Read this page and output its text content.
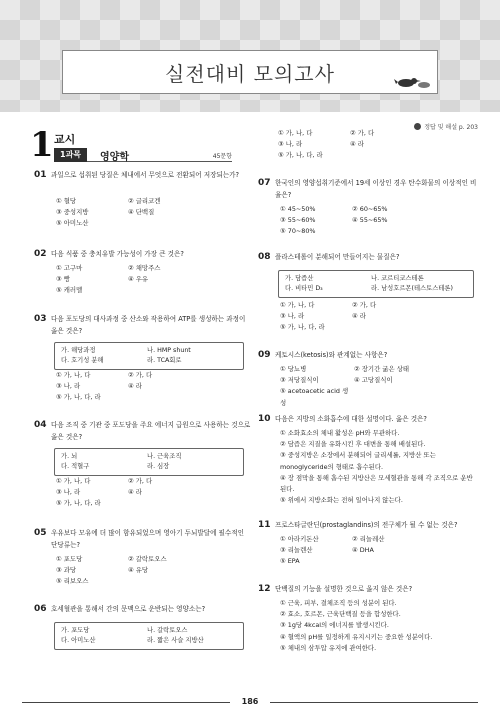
실전대비 모의고사
정답 및 해설 p. 203
1 교시
1과목	영양학	45문항
01 과일으로 섭취된 당질은 체내에서 무엇으로 전환되어 저장되는가?
① 혈당	② 글리코겐
③ 중성지방	④ 단백질
⑤ 아미노산
02 다음 식품 중 충치유발 가능성이 가장 큰 것은?
① 고구마	② 채망주스
③ 빵	④ 우유
⑤ 캐러멜
03 다음 포도당의 대사과정 중 산소와 작용하여 ATP를 생성하는 과정이 옳은 것은?
가. 해당과정	나. HMP shunt
다. 호기성 분해	라. TCA회로
① 가, 나, 다	② 가, 다
③ 나, 라	④ 라
⑤ 가, 나, 다, 라
04 다음 조직 중 기관 중 포도당을 주요 에너지 급원으로 사용하는 것으로 옳은 것은?
가. 뇌	나. 근육조직
다. 적혈구	라. 심장
① 가, 나, 다	② 가, 다
③ 나, 라	④ 라
⑤ 가, 나, 다, 라
05 우유보다 모유에 더 많이 함유되었으며 영아기 두뇌발달에 필수적인 단당류는?
① 포도당	② 갈락토오스
③ 과당	④ 유당
⑤ 리보오스
06 호세혈관을 통해서 간의 문맥으로 운반되는 영양소는?
가. 포도당	나. 갈락토오스
다. 아미노산	라. 짧은 사슬 지방산
① 가, 나, 다	② 가, 다
③ 나, 라	④ 라
⑤ 가, 나, 다, 라
07 한국인의 영양섭취기준에서 19세 이상인 경우 탄수화물의 이상적인 비율은?
① 45~50%	② 60~65%
③ 55~60%	④ 55~65%
⑤ 70~80%
08 플라스테롤이 분해되어 만들어지는 물질은?
가. 담즙산	나. 코르티코스테론
다. 비타민 D₃	라. 남성호르몬(테스토스테론)
① 가, 나, 다	② 가, 다
③ 나, 라	④ 라
⑤ 가, 나, 다, 라
09 케토시스(ketosis)와 관계없는 사항은?
① 당뇨병	② 장기간 굶은 상태
③ 저당질식이	④ 고당질식이
⑤ acetoacetic acid 생성
10 다음은 지방의 소화흡수에 대한 설명이다. 옳은 것은?
① 소화효소의 체내 활성은 pH와 무관하다.
② 담즙은 지질을 유화시킨 후 대변을 통해 배설된다.
③ 중성지방은 소장에서 분해되어 글리세롤, 지방산 또는 monoglyceride의 형태로 흡수된다.
④ 장 점막을 통해 흡수된 지방산은 모세혈관을 통해 각 조직으로 운반된다.
⑤ 위에서 지방소화는 전혀 일어나지 않는다.
11 프로스타글란딘(prostaglandins)의 전구체가 될 수 없는 것은?
① 아라키돈산	② 리놀레산
③ 리놀렌산	④ DHA
⑤ EPA
12 단백질의 기능을 설명한 것으로 옳지 않은 것은?
① 근육, 피부, 결체조직 등의 성분이 된다.
② 효소, 호르몬, 근육단백질 등을 합성한다.
③ 1g당 4kcal의 에너지를 발생시킨다.
④ 혈액의 pH를 일정하게 유지시키는 중요한 성분이다.
⑤ 체내의 삼투압 유지에 관여한다.
186
